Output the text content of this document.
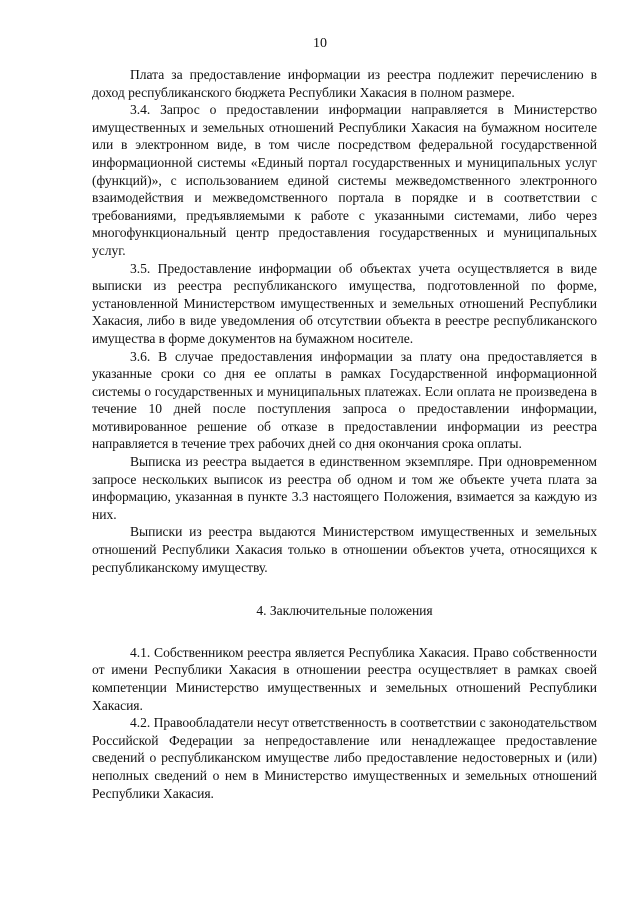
10

Плата за предоставление информации из реестра подлежит перечислению в доход республиканского бюджета Республики Хакасия в полном размере.

3.4. Запрос о предоставлении информации направляется в Министерство имущественных и земельных отношений Республики Хакасия на бумажном носителе или в электронном виде, в том числе посредством федеральной государственной информационной системы «Единый портал государственных и муниципальных услуг (функций)», с использованием единой системы межведомственного электронного взаимодействия и межведомственного портала в порядке и в соответствии с требованиями, предъявляемыми к работе с указанными системами, либо через многофункциональный центр предоставления государственных и муниципальных услуг.

3.5. Предоставление информации об объектах учета осуществляется в виде выписки из реестра республиканского имущества, подготовленной по форме, установленной Министерством имущественных и земельных отношений Республики Хакасия, либо в виде уведомления об отсутствии объекта в реестре республиканского имущества в форме документов на бумажном носителе.

3.6. В случае предоставления информации за плату она предоставляется в указанные сроки со дня ее оплаты в рамках Государственной информационной системы о государственных и муниципальных платежах. Если оплата не произведена в течение 10 дней после поступления запроса о предоставлении информации, мотивированное решение об отказе в предоставлении информации из реестра направляется в течение трех рабочих дней со дня окончания срока оплаты.

Выписка из реестра выдается в единственном экземпляре. При одновременном запросе нескольких выписок из реестра об одном и том же объекте учета плата за информацию, указанная в пункте 3.3 настоящего Положения, взимается за каждую из них.

Выписки из реестра выдаются Министерством имущественных и земельных отношений Республики Хакасия только в отношении объектов учета, относящихся к республиканскому имуществу.

4. Заключительные положения

4.1. Собственником реестра является Республика Хакасия. Право собственности от имени Республики Хакасия в отношении реестра осуществляет в рамках своей компетенции Министерство имущественных и земельных отношений Республики Хакасия.

4.2. Правообладатели несут ответственность в соответствии с законодательством Российской Федерации за непредоставление или ненадлежащее предоставление сведений о республиканском имуществе либо предоставление недостоверных и (или) неполных сведений о нем в Министерство имущественных и земельных отношений Республики Хакасия.
